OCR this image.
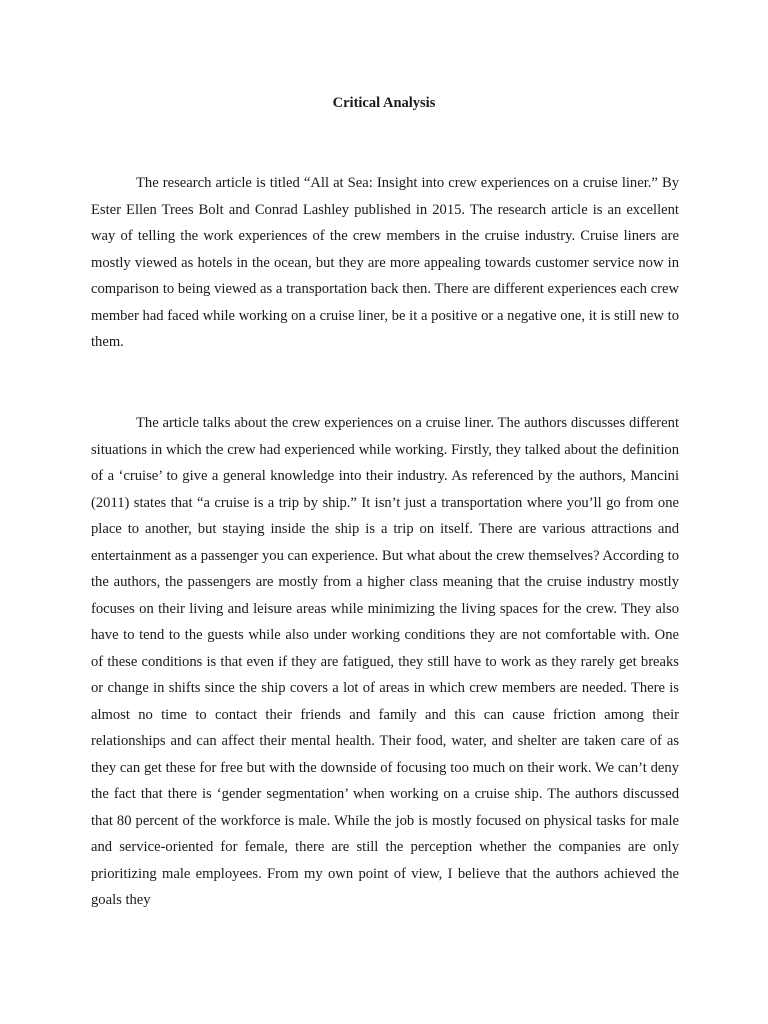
Critical Analysis

The research article is titled “All at Sea: Insight into crew experiences on a cruise liner.” By Ester Ellen Trees Bolt and Conrad Lashley published in 2015. The research article is an excellent way of telling the work experiences of the crew members in the cruise industry. Cruise liners are mostly viewed as hotels in the ocean, but they are more appealing towards customer service now in comparison to being viewed as a transportation back then. There are different experiences each crew member had faced while working on a cruise liner, be it a positive or a negative one, it is still new to them.

The article talks about the crew experiences on a cruise liner. The authors discusses different situations in which the crew had experienced while working. Firstly, they talked about the definition of a ‘cruise’ to give a general knowledge into their industry. As referenced by the authors, Mancini (2011) states that “a cruise is a trip by ship.” It isn’t just a transportation where you’ll go from one place to another, but staying inside the ship is a trip on itself. There are various attractions and entertainment as a passenger you can experience. But what about the crew themselves? According to the authors, the passengers are mostly from a higher class meaning that the cruise industry mostly focuses on their living and leisure areas while minimizing the living spaces for the crew. They also have to tend to the guests while also under working conditions they are not comfortable with. One of these conditions is that even if they are fatigued, they still have to work as they rarely get breaks or change in shifts since the ship covers a lot of areas in which crew members are needed. There is almost no time to contact their friends and family and this can cause friction among their relationships and can affect their mental health. Their food, water, and shelter are taken care of as they can get these for free but with the downside of focusing too much on their work. We can’t deny the fact that there is ‘gender segmentation’ when working on a cruise ship. The authors discussed that 80 percent of the workforce is male. While the job is mostly focused on physical tasks for male and service-oriented for female, there are still the perception whether the companies are only prioritizing male employees. From my own point of view, I believe that the authors achieved the goals they
